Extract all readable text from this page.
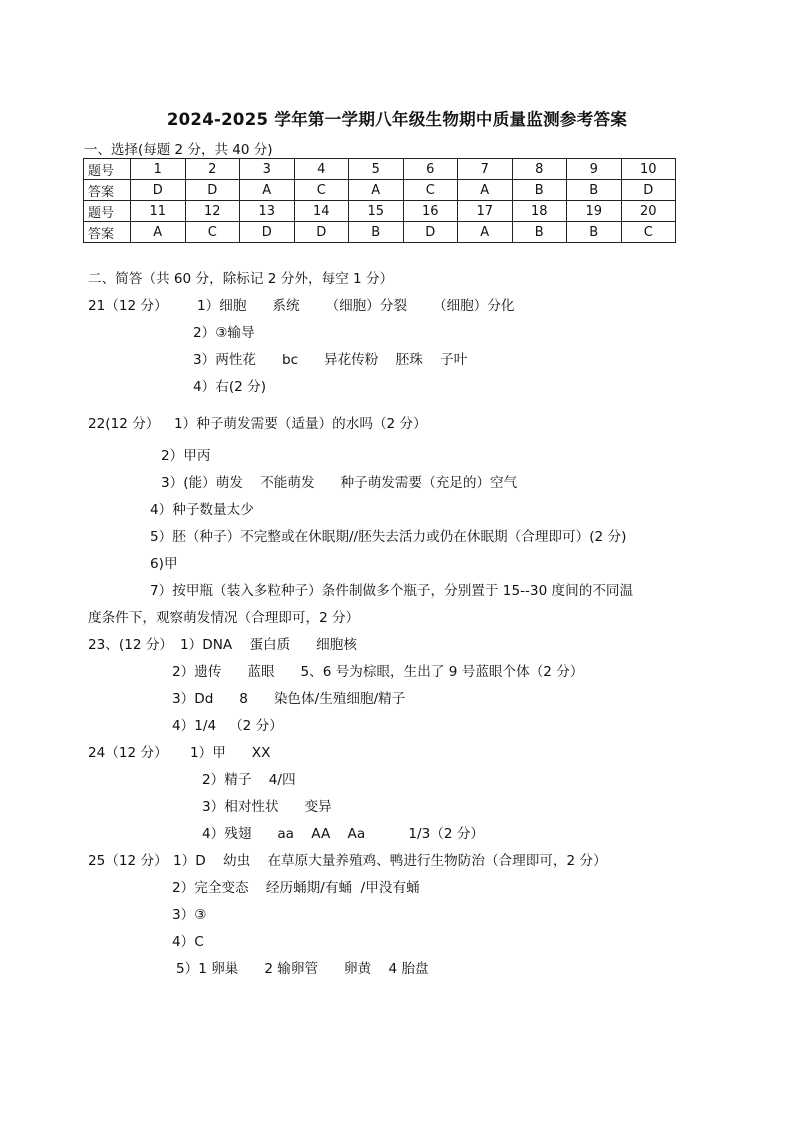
2024-2025 学年第一学期八年级生物期中质量监测参考答案
一、选择(每题 2 分，共 40 分)
题号	1	2	3	4	5	6	7	8	9	10
答案	D	D	A	C	A	C	A	B	B	D
题号	11	12	13	14	15	16	17	18	19	20
答案	A	C	D	D	B	D	A	B	B	C
二、简答（共 60 分，除标记 2 分外，每空 1 分）
21（12 分） 1）细胞      系统      （细胞）分裂      （细胞）分化
2）③输导
3）两性花      bc      异花传粉    胚珠    子叶
4）右(2 分)
22(12 分） 1）种子萌发需要（适量）的水吗（2 分）
2）甲丙
3）(能）萌发    不能萌发      种子萌发需要（充足的）空气
4）种子数量太少
5）胚（种子）不完整或在休眠期//胚失去活力或仍在休眠期（合理即可）(2 分)
6)甲
7）按甲瓶（装入多粒种子）条件制做多个瓶子，分别置于 15--30 度间的不同温
度条件下，观察萌发情况（合理即可，2 分）
23、(12 分） 1）DNA    蛋白质      细胞核
2）遗传      蓝眼      5、6 号为棕眼，生出了 9 号蓝眼个体（2 分）
3）Dd      8      染色体/生殖细胞/精子
4）1/4   （2 分）
24（12 分） 1）甲      XX
2）精子    4/四
3）相对性状      变异
4）残翅      aa    AA    Aa          1/3（2 分）
25（12 分） 1）D    幼虫    在草原大量养殖鸡、鸭进行生物防治（合理即可，2 分）
2）完全变态    经历蛹期/有蛹  /甲没有蛹
3）③
4）C
5）1 卵巢      2 输卵管      卵黄    4 胎盘
